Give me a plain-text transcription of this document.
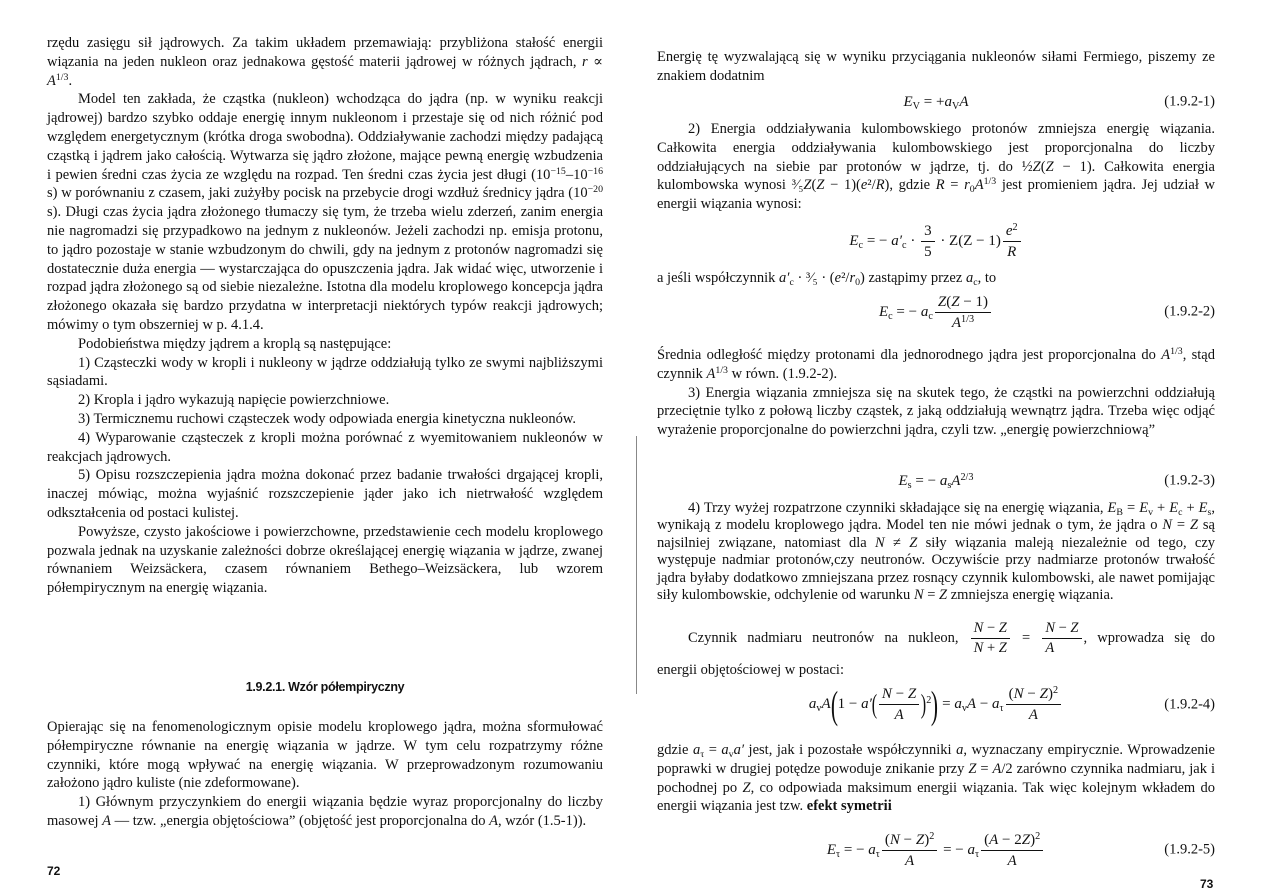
rzędu zasięgu sił jądrowych. Za takim układem przemawiają: przybliżona stałość energii wiązania na jeden nukleon oraz jednakowa gęstość materii jądrowej w różnych jądrach, $r \propto A^{1/3}$.

Model ten zakłada, że cząstka (nukleon) wchodząca do jądra (np. w wyniku reakcji jądrowej) bardzo szybko oddaje energię innym nukleonom i przestaje się od nich różnić pod względem energetycznym (krótka droga swobodna). Oddziaływanie zachodzi między padającą cząstką i jądrem jako całością. Wytwarza się jądro złożone, mające pewną energię wzbudzenia i pewien średni czas życia ze względu na rozpad. Ten średni czas życia jest długi ($10^{-15}-10^{-16}$ s) w porównaniu z czasem, jaki zużyłby pocisk na przebycie drogi wzdłuż średnicy jądra ($10^{-20}$ s). Długi czas życia jądra złożonego tłumaczy się tym, że trzeba wielu zderzeń, zanim energia nie nagromadzi się przypadkowo na jednym z nukleonów. Jeżeli zachodzi np. emisja protonu, to jądro pozostaje w stanie wzbudzonym do chwili, gdy na jednym z protonów nagromadzi się dostatecznie duża energia — wystarczająca do opuszczenia jądra. Jak widać więc, utworzenie i rozpad jądra złożonego są od siebie niezależne. Istotna dla modelu kroplowego koncepcja jądra złożonego okazała się bardzo przydatna w interpretacji niektórych typów reakcji jądrowych; mówimy o tym obszerniej w p. 4.1.4.

Podobieństwa między jądrem a kroplą są następujące:

1) Cząsteczki wody w kropli i nukleony w jądrze oddziałują tylko ze swymi najbliższymi sąsiadami.

2) Kropla i jądro wykazują napięcie powierzchniowe.

3) Termicznemu ruchowi cząsteczek wody odpowiada energia kinetyczna nukleonów.

4) Wyparowanie cząsteczek z kropli można porównać z wyemitowaniem nukleonów w reakcjach jądrowych.

5) Opisu rozszczepienia jądra można dokonać przez badanie trwałości drgającej kropli, inaczej mówiąc, można wyjaśnić rozszczepienie jąder jako ich nietrwałość względem odkształcenia od postaci kulistej.

Powyższe, czysto jakościowe i powierzchowne, przedstawienie cech modelu kroplowego pozwala jednak na uzyskanie zależności dobrze określającej energię wiązania w jądrze, zwanej równaniem Weizsäckera, czasem równaniem Bethego–Weizsäckera, lub wzorem półempirycznym na energię wiązania.

1.9.2.1. Wzór półempiryczny

Opierając się na fenomenologicznym opisie modelu kroplowego jądra, można sformułować półempiryczne równanie na energię wiązania w jądrze. W tym celu rozpatrzymy różne czynniki, które mogą wpływać na energię wiązania. W przeprowadzonym rozumowaniu założono jądro kuliste (nie zdeformowane).

1) Głównym przyczynkiem do energii wiązania będzie wyraz proporcjonalny do liczby masowej A — tzw. „energia objętościowa” (objętość jest proporcjonalna do A, wzór (1.5-1)).

72

Energię tę wyzwalającą się w wyniku przyciągania nukleonów siłami Fermiego, piszemy ze znakiem dodatnim

$E_V = +a_VA$	(1.9.2-1)

2) Energia oddziaływania kulombowskiego protonów zmniejsza energię wiązania. Całkowita energia oddziaływania kulombowskiego jest proporcjonalna do liczby oddziałujących na siebie par protonów w jądrze, tj. do ½Z(Z − 1). Całkowita energia kulombowska wynosi ³⁄₅Z(Z − 1)(e²/R), gdzie $R = r_0A^{1/3}$ jest promieniem jądra. Jej udział w energii wiązania wynosi:

$E_c$ = − $a'_c \cdot \frac{3}{5} \cdot Z(Z - 1) \frac{e^2}{R}$

a jeśli współczynnik $a'_c$ · ³⁄₅ · $(e^2/r_0)$ zastąpimy przez $a_c$, to

$E_c$ = − $a_c \frac{Z(Z - 1)}{A^{1/3}}$	(1.9.2-2)

Średnia odległość między protonami dla jednorodnego jądra jest proporcjonalna do $A^{1/3}$, stąd czynnik $A^{1/3}$ w równ. (1.9.2-2).

3) Energia wiązania zmniejsza się na skutek tego, że cząstki na powierzchni oddziałują przeciętnie tylko z połową liczby cząstek, z jaką oddziałują wewnątrz jądra. Trzeba więc odjąć wyrażenie proporcjonalne do powierzchni jądra, czyli tzw. „energię powierzchniową”

$E_s$ = − $a_sA^{2/3}$	(1.9.2-3)

4) Trzy wyżej rozpatrzone czynniki składające się na energię wiązania, $E_B = E_v + E_c + E_s$, wynikają z modelu kroplowego jądra. Model ten nie mówi jednak o tym, że jądra o N = Z są najsilniej związane, natomiast dla N ≠ Z siły wiązania maleją niezależnie od tego, czy występuje nadmiar protonów,czy neutronów. Oczywiście przy nadmiarze protonów trwałość jądra byłaby dodatkowo zmniejszana przez rosnący czynnik kulombowski, ale nawet pomijając siły kulombowskie, odchylenie od warunku N = Z zmniejsza energię wiązania.

Czynnik nadmiaru neutronów na nukleon, $\frac{N - Z}{N + Z} = \frac{N - Z}{A}$ , wprowadza się do

energii objętościowej w postaci:

$a_vA(1 - a'( \frac{N - Z}{A} )^2) = a_vA - a_\tau \frac{(N - Z)^2}{A}$	(1.9.2-4)

gdzie $a_\tau = a_va'$ jest, jak i pozostałe współczynniki a, wyznaczany empirycznie. Wprowadzenie poprawki w drugiej potędze powoduje znikanie przy Z = A/2 zarówno czynnika nadmiaru, jak i pochodnej po Z, co odpowiada maksimum energii wiązania. Tak więc kolejnym wkładem do energii wiązania jest tzw. efekt symetrii

$E_\tau$ = − $a_\tau \frac{(N - Z)^2}{A}$ = − $a_\tau \frac{(A - 2Z)^2}{A}$	(1.9.2-5)
73
